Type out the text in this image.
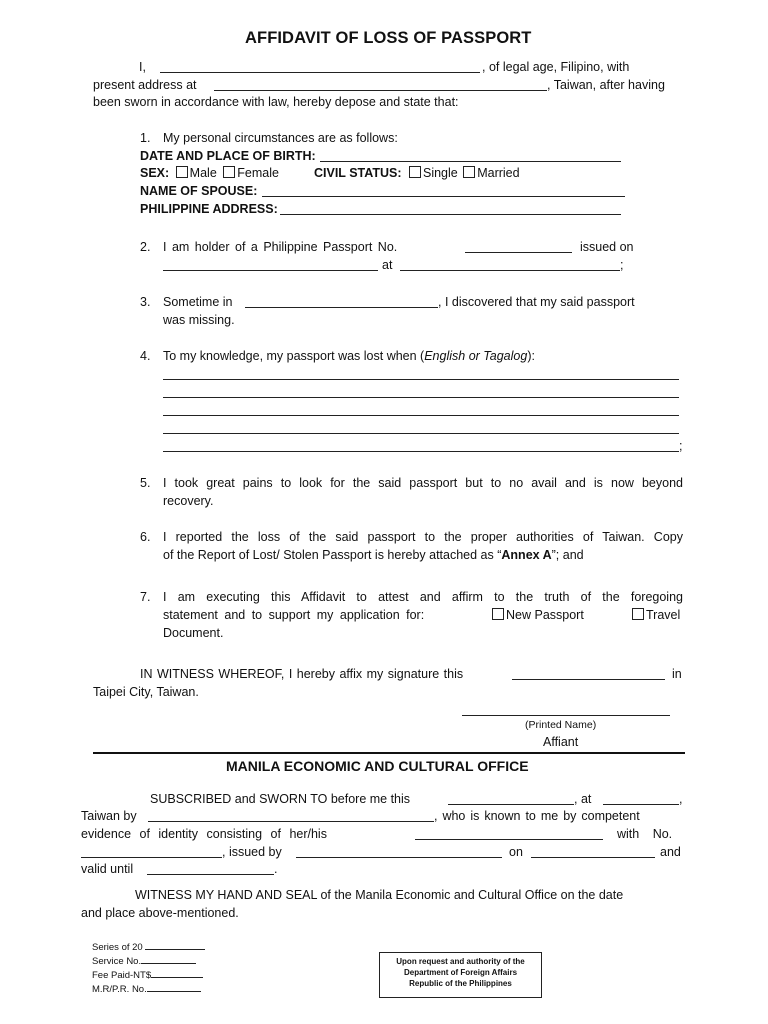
AFFIDAVIT OF LOSS OF PASSPORT
I,	, of legal age, Filipino, with
present address at	, Taiwan, after having
been sworn in accordance with law, hereby depose and state that:
1. My personal circumstances are as follows:
DATE AND PLACE OF BIRTH:
SEX: Male Female	CIVIL STATUS: Single Married
NAME OF SPOUSE:
PHILIPPINE ADDRESS:
2. I am holder of a Philippine Passport No.	issued on
at	;
3. Sometime in	, I discovered that my said passport
was missing.
4. To my knowledge, my passport was lost when (English or Tagalog):
;
5. I took great pains to look for the said passport but to no avail and is now beyond
recovery.
6. I reported the loss of the said passport to the proper authorities of Taiwan. Copy
of the Report of Lost/ Stolen Passport is hereby attached as “Annex A”; and
7. I am executing this Affidavit to attest and affirm to the truth of the foregoing
statement and to support my application for:	New Passport	Travel
Document.
IN WITNESS WHEREOF, I hereby affix my signature this	in
Taipei City, Taiwan.
(Printed Name)
Affiant
MANILA ECONOMIC AND CULTURAL OFFICE
SUBSCRIBED and SWORN TO before me this	, at	,
Taiwan by	, who is known to me by competent
evidence of identity consisting of her/his	with No.
, issued by	on	and
valid until	.
WITNESS MY HAND AND SEAL of the Manila Economic and Cultural Office on the date
and place above-mentioned.
Series of 20
Service No.
Fee Paid-NT$
M.R/P.R. No.
Upon request and authority of the
Department of Foreign Affairs
Republic of the Philippines
